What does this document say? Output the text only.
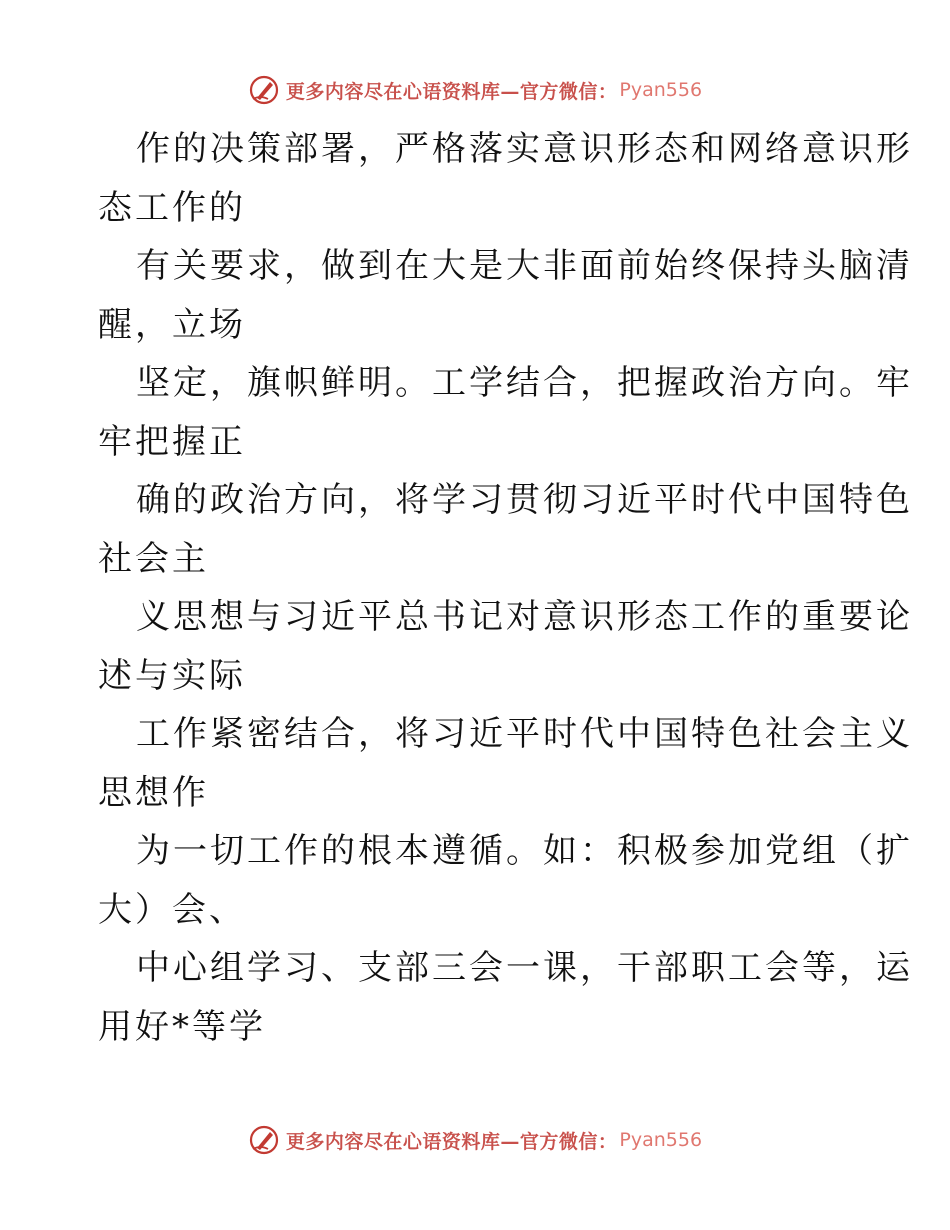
更多内容尽在心语资料库—官方微信： Pyan556
作的决策部署，严格落实意识形态和网络意识形
态工作的
有关要求，做到在大是大非面前始终保持头脑清
醒，立场
坚定，旗帜鲜明。工学结合，把握政治方向。牢
牢把握正
确的政治方向，将学习贯彻习近平时代中国特色
社会主
义思想与习近平总书记对意识形态工作的重要论
述与实际
工作紧密结合，将习近平时代中国特色社会主义
思想作
为一切工作的根本遵循。如：积极参加党组（扩
大）会、
中心组学习、支部三会一课，干部职工会等，运
用好*等学
更多内容尽在心语资料库—官方微信： Pyan556
